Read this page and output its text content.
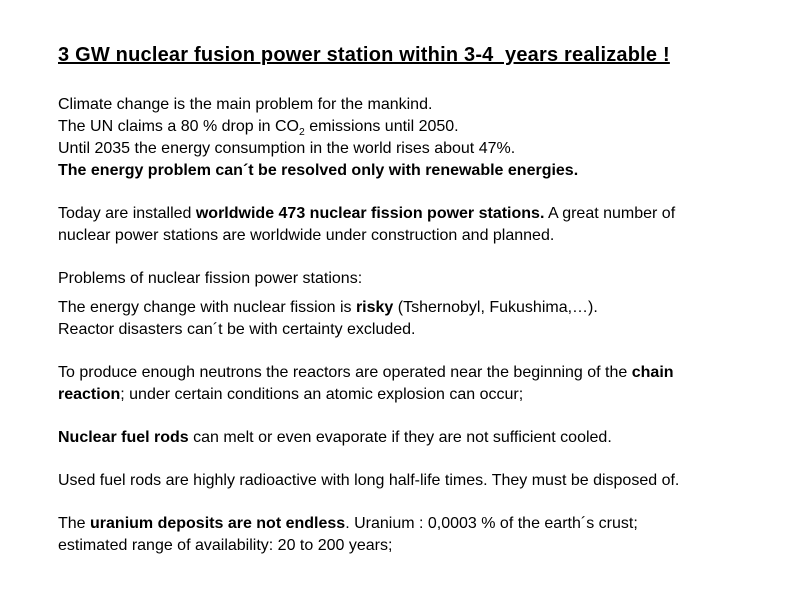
3 GW nuclear fusion power station within 3-4  years realizable !
Climate change is the main problem for the mankind.
The UN claims a 80 % drop in $CO_2$ emissions until 2050.
Until 2035 the energy consumption in the world rises about 47%.
The energy problem can´t be resolved only with renewable energies.
Today are installed worldwide 473 nuclear fission power stations. A great number of
nuclear power stations are worldwide under construction and planned.
Problems of nuclear fission power stations:
The energy change with nuclear fission is risky (Tshernobyl, Fukushima,…).
Reactor disasters can´t be with certainty excluded.
To produce enough neutrons the reactors are operated near the beginning of the chain
reaction; under certain conditions an atomic explosion can occur;
Nuclear fuel rods can melt or even evaporate if they are not sufficient cooled.
Used fuel rods are highly radioactive with long half-life times. They must be disposed of.
The uranium deposits are not endless. Uranium : 0,0003 % of the earth´s crust;
estimated range of availability: 20 to 200 years;
